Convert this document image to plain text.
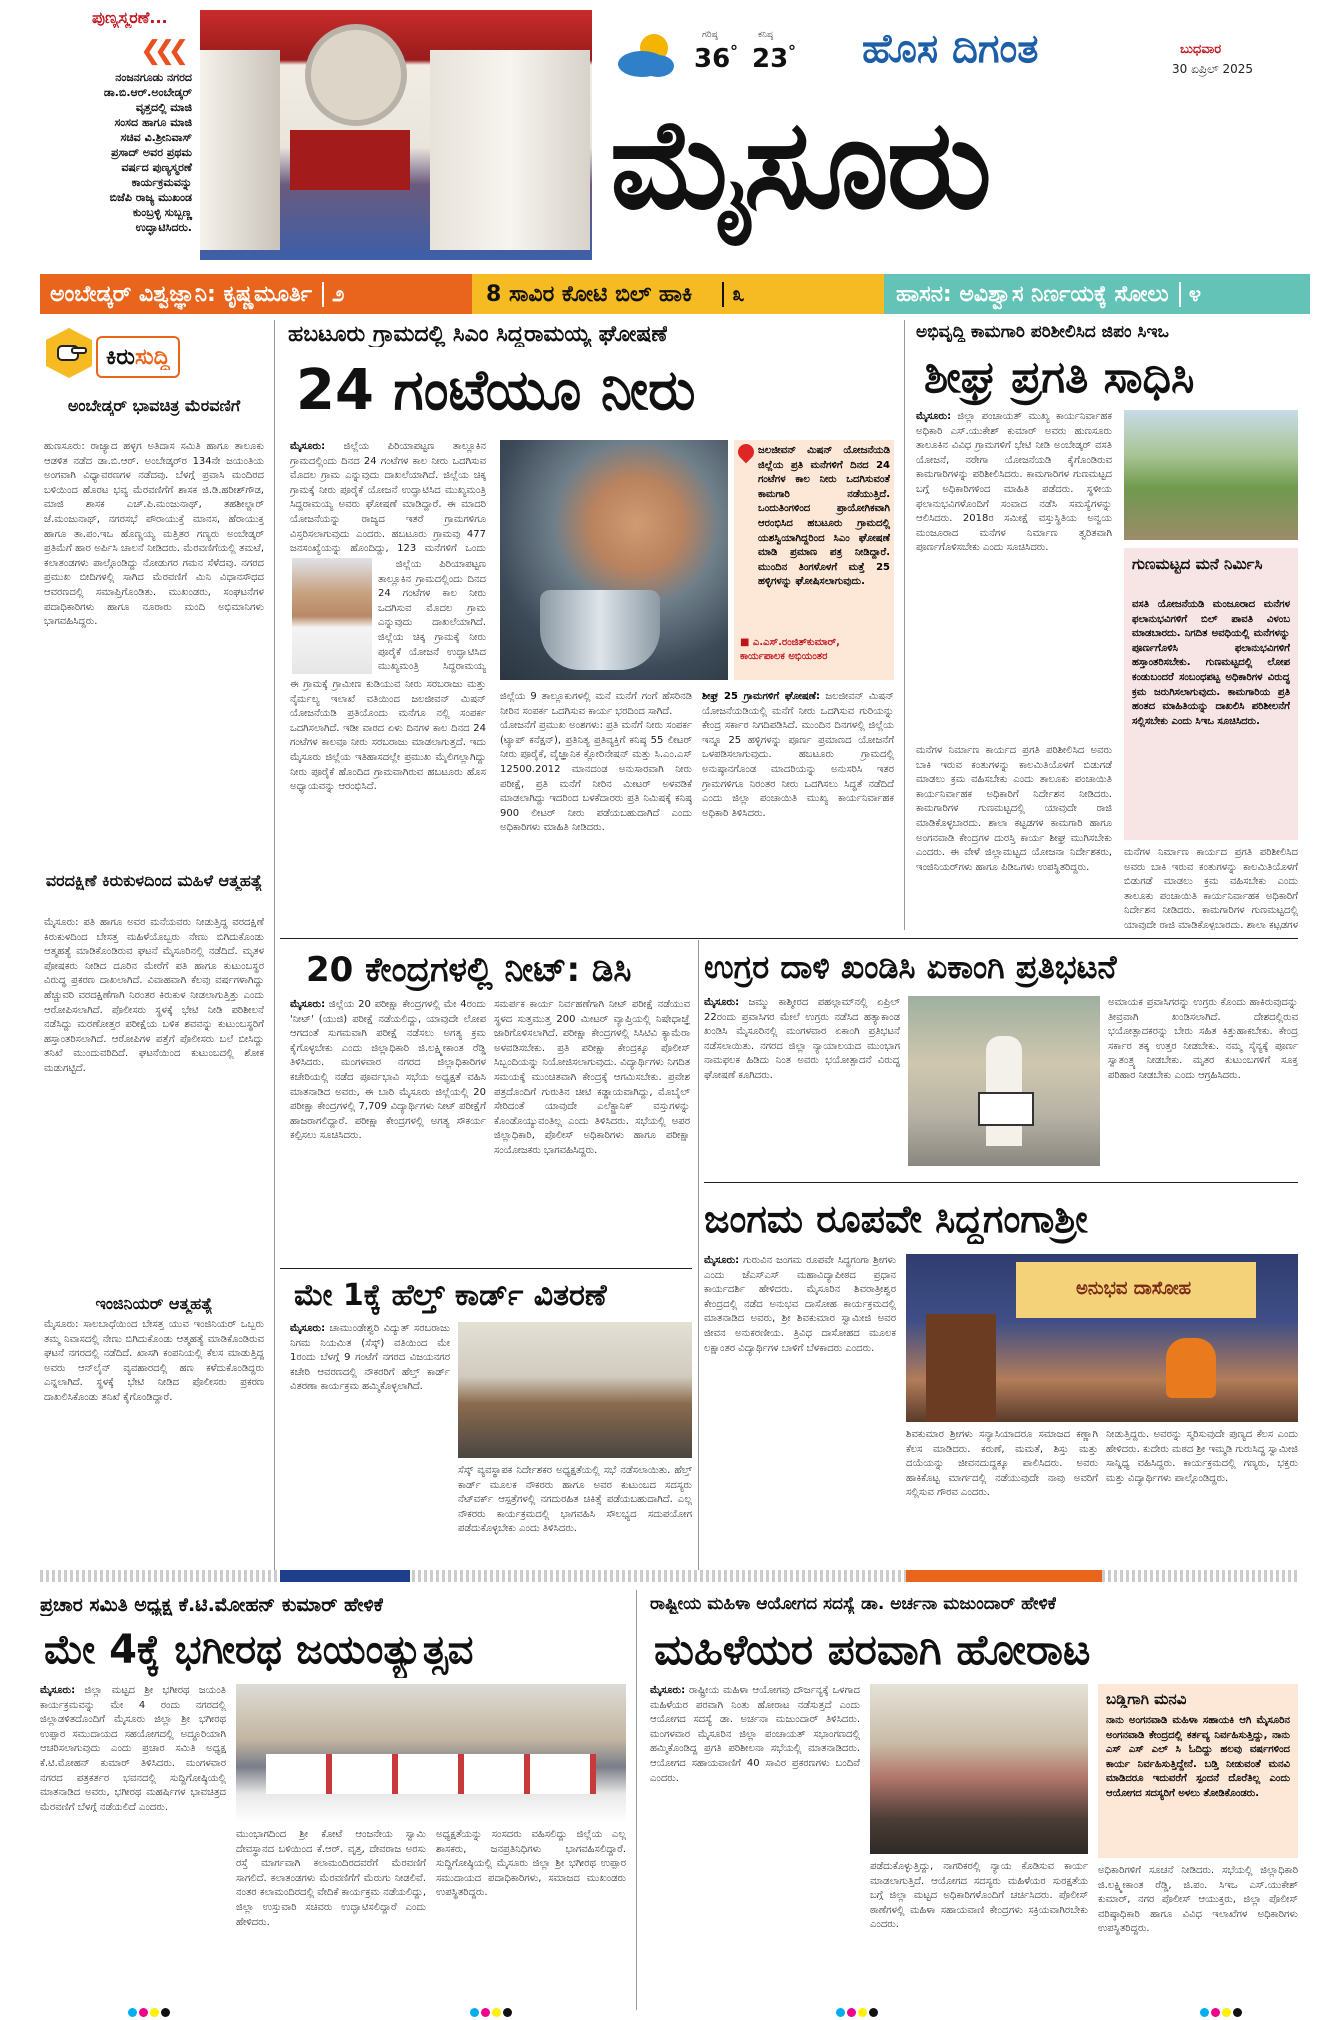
ಪುಣ್ಯಸ್ಮರಣೆ...
❮❮❮
ನಂಜನಗೂಡು ನಗರದ
ಡಾ.ಬಿ.ಆರ್.ಅಂಬೇಡ್ಕರ್
ವೃತ್ತದಲ್ಲಿ ಮಾಜಿ
ಸಂಸದ ಹಾಗೂ ಮಾಜಿ
ಸಚಿವ ವಿ.ಶ್ರೀನಿವಾಸ್
ಪ್ರಸಾದ್ ಅವರ ಪ್ರಥಮ
ವರ್ಷದ ಪುಣ್ಯಸ್ಮರಣೆ
ಕಾರ್ಯಕ್ರಮವನ್ನು
ಬಿಜೆಪಿ ರಾಜ್ಯ ಮುಖಂಡ
ಕುಂಬ್ರಳ್ಳಿ ಸುಬ್ಬಣ್ಣ
ಉದ್ಘಾಟಿಸಿದರು.
ಗರಿಷ್ಠ
36
ಕನಿಷ್ಠ
23
°	° ಹೊಸ ದಿಗಂತ	ಬುಧವಾರ
30 ಏಪ್ರಿಲ್ 2025
ಮೈಸೂರು
ಅಂಬೇಡ್ಕರ್ ವಿಶ್ವಜ್ಞಾನಿ: ಕೃಷ್ಣಮೂರ್ತಿ ೨	8 ಸಾವಿರ ಕೋಟಿ ಬಿಲ್ ಹಾಕಿ	೩	ಹಾಸನ: ಅವಿಶ್ವಾಸ ನಿರ್ಣಯಕ್ಕೆ ಸೋಲು ೪
ಕಿರು ಸುದ್ದಿ
ಅಂಬೇಡ್ಕರ್ ಭಾವಚಿತ್ರ ಮೆರವಣಿಗೆ
ಹುಣಸೂರು: ರಾಜ್ಯಾದ ಹಳ್ಳಗ ಅತಿದಾಸ ಸಮಿತಿ ಹಾಗೂ ತಾಲೂಕು ಆಡಳಿತ ನಡೆದ ಡಾ.ಬಿ.ಆರ್. ಅಂಬೇಡ್ಕರ್‌ರ 134ನೇ ಜಯಂತಿಯ ಅಂಗವಾಗಿ ವಿಧ್ಯಾವರಣಗಳ ನಡೆದವು. ಬೆಳಗ್ಗೆ ಪ್ರವಾಸಿ ಮಂದಿರದ ಬಳಿಯಿಂದ ಹೊರಟ ಭವ್ಯ ಮೆರವಣಿಗೆಗೆ ಶಾಸಕ ಜಿ.ಡಿ.ಹರೀಶ್‌ಗೌಡ, ಮಾಜಿ ಶಾಸಕ ಎಚ್.ಪಿ.ಮಂಜುನಾಥ್, ತಹಶೀಲ್ದಾರ್ ಜೆ.ಮಂಜುನಾಥ್, ನಗರಸಭೆ ಪೌರಾಯುಕ್ತೆ ಮಾನಸ, ಹೆರಾಯುಕ್ತ ಹಾಗೂ ತಾ.ಪಂ.ಇಒ ಹೊಣ್ಣಯ್ಯ ಮತ್ತಿತರ ಗಣ್ಯರು ಅಂಬೇಡ್ಕರ್ ಪ್ರತಿಮೆಗೆ ಹಾರ ಅರ್ಪಿಸಿ ಚಾಲನೆ ನೀಡಿದರು. ಮೆರವಣಿಗೆಯಲ್ಲಿ ತಮಟೆ, ಕಲಾತಂಡಗಳು ಪಾಲ್ಗೊಂಡಿದ್ದು ನೋಡುಗರ ಗಮನ ಸೆಳೆದವು. ನಗರದ ಪ್ರಮುಖ ಬೀದಿಗಳಲ್ಲಿ ಸಾಗಿದ ಮೆರವಣಿಗೆ ಮಿನಿ ವಿಧಾನಸೌಧದ ಆವರಣದಲ್ಲಿ ಸಮಾಪ್ತಿಗೊಂಡಿತು. ಮುಖಂಡರು, ಸಂಘಟನೆಗಳ ಪದಾಧಿಕಾರಿಗಳು ಹಾಗೂ ನೂರಾರು ಮಂದಿ ಅಭಿಮಾನಿಗಳು ಭಾಗವಹಿಸಿದ್ದರು.
ವರದಕ್ಷಿಣೆ ಕಿರುಕುಳದಿಂದ ಮಹಿಳೆ ಆತ್ಮಹತ್ಯೆ
ಮೈಸೂರು: ಪತಿ ಹಾಗೂ ಅವರ ಮನೆಯವರು ನೀಡುತ್ತಿದ್ದ ವರದಕ್ಷಿಣೆ ಕಿರುಕುಳದಿಂದ ಬೇಸತ್ತ ಮಹಿಳೆಯೊಬ್ಬರು ನೇಣು ಬಿಗಿದುಕೊಂಡು ಆತ್ಮಹತ್ಯೆ ಮಾಡಿಕೊಂಡಿರುವ ಘಟನೆ ಮೈಸೂರಿನಲ್ಲಿ ನಡೆದಿದೆ. ಮೃತಳ ಪೋಷಕರು ನೀಡಿದ ದೂರಿನ ಮೇರೆಗೆ ಪತಿ ಹಾಗೂ ಕುಟುಂಬಸ್ಥರ ವಿರುದ್ಧ ಪ್ರಕರಣ ದಾಖಲಾಗಿದೆ. ವಿವಾಹವಾಗಿ ಕೆಲವು ವರ್ಷಗಳಾಗಿದ್ದು ಹೆಚ್ಚುವರಿ ವರದಕ್ಷಿಣೆಗಾಗಿ ನಿರಂತರ ಕಿರುಕುಳ ನೀಡಲಾಗುತ್ತಿತ್ತು ಎಂದು ಆರೋಪಿಸಲಾಗಿದೆ. ಪೊಲೀಸರು ಸ್ಥಳಕ್ಕೆ ಭೇಟಿ ನೀಡಿ ಪರಿಶೀಲನೆ ನಡೆಸಿದ್ದು ಮರಣೋತ್ತರ ಪರೀಕ್ಷೆಯ ಬಳಿಕ ಶವವನ್ನು ಕುಟುಂಬಸ್ಥರಿಗೆ ಹಸ್ತಾಂತರಿಸಲಾಗಿದೆ. ಆರೋಪಿಗಳ ಪತ್ತೆಗೆ ಪೊಲೀಸರು ಬಲೆ ಬೀಸಿದ್ದು ತನಿಖೆ ಮುಂದುವರಿದಿದೆ. ಘಟನೆಯಿಂದ ಕುಟುಂಬದಲ್ಲಿ ಶೋಕ ಮಡುಗಟ್ಟಿದೆ.
ಇಂಜಿನಿಯರ್ ಆತ್ಮಹತ್ಯೆ
ಮೈಸೂರು: ಸಾಲಬಾಧೆಯಿಂದ ಬೇಸತ್ತ ಯುವ ಇಂಜಿನಿಯರ್ ಒಬ್ಬರು ತಮ್ಮ ನಿವಾಸದಲ್ಲಿ ನೇಣು ಬಿಗಿದುಕೊಂಡು ಆತ್ಮಹತ್ಯೆ ಮಾಡಿಕೊಂಡಿರುವ ಘಟನೆ ನಗರದಲ್ಲಿ ನಡೆದಿದೆ. ಖಾಸಗಿ ಕಂಪನಿಯಲ್ಲಿ ಕೆಲಸ ಮಾಡುತ್ತಿದ್ದ ಅವರು ಆನ್‌ಲೈನ್ ವ್ಯವಹಾರದಲ್ಲಿ ಹಣ ಕಳೆದುಕೊಂಡಿದ್ದರು ಎನ್ನಲಾಗಿದೆ. ಸ್ಥಳಕ್ಕೆ ಭೇಟಿ ನೀಡಿದ ಪೊಲೀಸರು ಪ್ರಕರಣ ದಾಖಲಿಸಿಕೊಂಡು ತನಿಖೆ ಕೈಗೊಂಡಿದ್ದಾರೆ.
ಹಬಟೂರು ಗ್ರಾಮದಲ್ಲಿ ಸಿಎಂ ಸಿದ್ದರಾಮಯ್ಯ ಘೋಷಣೆ
24 ಗಂಟೆಯೂ ನೀರು
ಮೈಸೂರು: ಜಿಲ್ಲೆಯ ಪಿರಿಯಾಪಟ್ಟಣ ತಾಲ್ಲೂಕಿನ ಗ್ರಾಮದಲ್ಲಿಂದು ದಿನದ 24 ಗಂಟೆಗಳ ಕಾಲ ನೀರು ಒದಗಿಸುವ ಮೊದಲ ಗ್ರಾಮ ಎನ್ನುವುದು ದಾಖಲೆಯಾಗಿದೆ. ಜಿಲ್ಲೆಯ ಚಿಕ್ಕ ಗ್ರಾಮಕ್ಕೆ ನೀರು ಪೂರೈಕೆ ಯೋಜನೆ ಉದ್ಘಾಟಿಸಿದ ಮುಖ್ಯಮಂತ್ರಿ ಸಿದ್ದರಾಮಯ್ಯ ಅವರು ಘೋಷಣೆ ಮಾಡಿದ್ದಾರೆ. ಈ ಮಾದರಿ ಯೋಜನೆಯನ್ನು ರಾಜ್ಯದ ಇತರೆ ಗ್ರಾಮಗಳಿಗೂ ವಿಸ್ತರಿಸಲಾಗುವುದು ಎಂದರು. ಹಬಟೂರು ಗ್ರಾಮವು 477 ಜನಸಂಖ್ಯೆಯನ್ನು ಹೊಂದಿದ್ದು, 123 ಮನೆಗಳಿಗೆ ಒಂದು
ಜಿಲ್ಲೆಯ ಪಿರಿಯಾಪಟ್ಟಣ ತಾಲ್ಲೂಕಿನ ಗ್ರಾಮದಲ್ಲಿಂದು ದಿನದ 24 ಗಂಟೆಗಳ ಕಾಲ ನೀರು ಒದಗಿಸುವ ಮೊದಲ ಗ್ರಾಮ ಎನ್ನುವುದು ದಾಖಲೆಯಾಗಿದೆ. ಜಿಲ್ಲೆಯ ಚಿಕ್ಕ ಗ್ರಾಮಕ್ಕೆ ನೀರು ಪೂರೈಕೆ ಯೋಜನೆ ಉದ್ಘಾಟಿಸಿದ ಮುಖ್ಯಮಂತ್ರಿ ಸಿದ್ದರಾಮಯ್ಯ
ಈ ಗ್ರಾಮಕ್ಕೆ ಗ್ರಾಮೀಣ ಕುಡಿಯುವ ನೀರು ಸರಬರಾಜು ಮತ್ತು ನೈರ್ಮಲ್ಯ ಇಲಾಖೆ ವತಿಯಿಂದ ಜಲಜೀವನ್ ಮಿಷನ್ ಯೋಜನೆಯಡಿ ಪ್ರತಿಯೊಂದು ಮನೆಗೂ ನಲ್ಲಿ ಸಂಪರ್ಕ ಒದಗಿಸಲಾಗಿದೆ. ಇಡೀ ವಾರದ ಏಳು ದಿನಗಳ ಕಾಲ ದಿನದ 24 ಗಂಟೆಗಳ ಕಾಲವೂ ನೀರು ಸರಬರಾಜು ಮಾಡಲಾಗುತ್ತದೆ. ಇದು ಮೈಸೂರು ಜಿಲ್ಲೆಯ ಇತಿಹಾಸದಲ್ಲೇ ಪ್ರಮುಖ ಮೈಲಿಗಲ್ಲಾಗಿದ್ದು ನೀರು ಪೂರೈಕೆ ಹೊಂದಿದ ಗ್ರಾಮವಾಗಿರುವ ಹಬಟೂರು ಹೊಸ ಅಧ್ಯಾಯವನ್ನು ಆರಂಭಿಸಿದೆ.
ಜಲಜೀವನ್ ಮಿಷನ್ ಯೋಜನೆಯಡಿ ಜಿಲ್ಲೆಯ ಪ್ರತಿ ಮನೆಗಳಿಗೆ ದಿನದ 24 ಗಂಟೆಗಳ ಕಾಲ ನೀರು ಒದಗಿಸುವಂತೆ ಕಾಮಗಾರಿ ನಡೆಯುತ್ತಿದೆ. ಒಂದುತಿಂಗಳಿಂದ ಪ್ರಾಯೋಗಿಕವಾಗಿ ಆರಂಭಿಸಿದ ಹಬಟೂರು ಗ್ರಾಮದಲ್ಲಿ ಯಶಸ್ವಿಯಾಗಿದ್ದರಿಂದ ಸಿಎಂ ಘೋಷಣೆ ಮಾಡಿ ಪ್ರಮಾಣ ಪತ್ರ ನೀಡಿದ್ದಾರೆ. ಮುಂದಿನ ತಿಂಗಳೊಳಗೆ ಮತ್ತೆ 25 ಹಳ್ಳಿಗಳನ್ನು ಘೋಷಿಸಲಾಗುವುದು.
■ ಎ.ಎಸ್.ರಂಜಿತ್‌ಕುಮಾರ್, ಕಾರ್ಯಪಾಲಕ ಅಭಿಯಂತರ
ಜಿಲ್ಲೆಯ 9 ತಾಲ್ಲೂಕುಗಳಲ್ಲಿ ಮನೆ ಮನೆಗೆ ಗಂಗೆ ಹೆಸರಿನಡಿ ನೀರಿನ ಸಂಪರ್ಕ ಒದಗಿಸುವ ಕಾರ್ಯ ಭರದಿಂದ ಸಾಗಿದೆ.
ಯೋಜನೆಗೆ ಪ್ರಮುಖ ಅಂಶಗಳು: ಪ್ರತಿ ಮನೆಗೆ ನೀರು ಸಂಪರ್ಕ (ಟ್ಯಾಪ್ ಕನೆಕ್ಷನ್), ಪ್ರತಿನಿತ್ಯ ಪ್ರತಿವ್ಯಕ್ತಿಗೆ ಕನಿಷ್ಠ 55 ಲೀಟರ್ ನೀರು ಪೂರೈಕೆ, ವೈಜ್ಞಾನಿಕ ಕ್ಲೋರಿನೇಷನ್ ಮತ್ತು ಸಿ.ಎಂ.ಎಸ್ 12500.2012 ಮಾನದಂಡ ಅನುಸಾರವಾಗಿ ನೀರು ಪರೀಕ್ಷೆ, ಪ್ರತಿ ಮನೆಗೆ ನೀರಿನ ಮೀಟರ್ ಅಳವಡಿಕೆ ಮಾಡಲಾಗಿದ್ದು ಇದರಿಂದ ಬಳಕೆದಾರರು ಪ್ರತಿ ನಿಮಿಷಕ್ಕೆ ಕನಿಷ್ಠ 900 ಲೀಟರ್ ನೀರು ಪಡೆಯಬಹುದಾಗಿದೆ ಎಂದು ಅಧಿಕಾರಿಗಳು ಮಾಹಿತಿ ನೀಡಿದರು.
ಶೀಘ್ರ 25 ಗ್ರಾಮಗಳಿಗೆ ಘೋಷಣೆ: ಜಲಜೀವನ್ ಮಿಷನ್ ಯೋಜನೆಯಡಿಯಲ್ಲಿ ಮನೆಗೆ ನೀರು ಒದಗಿಸುವ ಗುರಿಯನ್ನು ಕೇಂದ್ರ ಸರ್ಕಾರ ನಿಗದಿಪಡಿಸಿದೆ. ಮುಂದಿನ ದಿನಗಳಲ್ಲಿ ಜಿಲ್ಲೆಯ ಇನ್ನೂ 25 ಹಳ್ಳಿಗಳನ್ನು ಪೂರ್ಣ ಪ್ರಮಾಣದ ಯೋಜನೆಗೆ ಒಳಪಡಿಸಲಾಗುವುದು. ಹಬಟೂರು ಗ್ರಾಮದಲ್ಲಿ ಅನುಷ್ಠಾನಗೊಂಡ ಮಾದರಿಯನ್ನು ಅನುಸರಿಸಿ ಇತರ ಗ್ರಾಮಗಳಿಗೂ ನಿರಂತರ ನೀರು ಒದಗಿಸಲು ಸಿದ್ಧತೆ ನಡೆದಿದೆ ಎಂದು ಜಿಲ್ಲಾ ಪಂಚಾಯಿತಿ ಮುಖ್ಯ ಕಾರ್ಯನಿರ್ವಾಹಕ ಅಧಿಕಾರಿ ತಿಳಿಸಿದರು.
ಅಭಿವೃದ್ಧಿ ಕಾಮಗಾರಿ ಪರಿಶೀಲಿಸಿದ ಜಿಪಂ ಸಿಇಒ
ಶೀಘ್ರ ಪ್ರಗತಿ ಸಾಧಿಸಿ
ಮೈಸೂರು: ಜಿಲ್ಲಾ ಪಂಚಾಯತ್ ಮುಖ್ಯ ಕಾರ್ಯನಿರ್ವಾಹಕ ಅಧಿಕಾರಿ ಎಸ್.ಯುಕೇಶ್ ಕುಮಾರ್ ಅವರು ಹುಣಸೂರು ತಾಲೂಕಿನ ವಿವಿಧ ಗ್ರಾಮಗಳಿಗೆ ಭೇಟಿ ನೀಡಿ ಅಂಬೇಡ್ಕರ್ ವಸತಿ ಯೋಜನೆ, ನರೇಗಾ ಯೋಜನೆಯಡಿ ಕೈಗೊಂಡಿರುವ ಕಾಮಗಾರಿಗಳನ್ನು ಪರಿಶೀಲಿಸಿದರು. ಕಾಮಗಾರಿಗಳ ಗುಣಮಟ್ಟದ ಬಗ್ಗೆ ಅಧಿಕಾರಿಗಳಿಂದ ಮಾಹಿತಿ ಪಡೆದರು. ಸ್ಥಳೀಯ ಫಲಾನುಭವಿಗಳೊಂದಿಗೆ ಸಂವಾದ ನಡೆಸಿ ಸಮಸ್ಯೆಗಳನ್ನು ಆಲಿಸಿದರು. 2018ರ ಸಮೀಕ್ಷೆ ವಸ್ತುಸ್ಥಿತಿಯ ಅನ್ವಯ ಮಂಜೂರಾದ ಮನೆಗಳ ನಿರ್ಮಾಣ ತ್ವರಿತವಾಗಿ ಪೂರ್ಣಗೊಳಿಸಬೇಕು ಎಂದು ಸೂಚಿಸಿದರು.
ಗುಣಮಟ್ಟದ ಮನೆ ನಿರ್ಮಿಸಿ
ವಸತಿ ಯೋಜನೆಯಡಿ ಮಂಜೂರಾದ ಮನೆಗಳ ಫಲಾನುಭವಿಗಳಿಗೆ ಬಿಲ್ ಪಾವತಿ ವಿಳಂಬ ಮಾಡಬಾರದು. ನಿಗದಿತ ಅವಧಿಯಲ್ಲಿ ಮನೆಗಳನ್ನು ಪೂರ್ಣಗೊಳಿಸಿ ಫಲಾನುಭವಿಗಳಿಗೆ ಹಸ್ತಾಂತರಿಸಬೇಕು. ಗುಣಮಟ್ಟದಲ್ಲಿ ಲೋಪ ಕಂಡುಬಂದರೆ ಸಂಬಂಧಪಟ್ಟ ಅಧಿಕಾರಿಗಳ ವಿರುದ್ಧ ಕ್ರಮ ಜರುಗಿಸಲಾಗುವುದು. ಕಾಮಗಾರಿಯ ಪ್ರತಿ ಹಂತದ ಮಾಹಿತಿಯನ್ನು ದಾಖಲಿಸಿ ಪರಿಶೀಲನೆಗೆ ಸಲ್ಲಿಸಬೇಕು ಎಂದು ಸಿಇಒ ಸೂಚಿಸಿದರು.
ಮನೆಗಳ ನಿರ್ಮಾಣ ಕಾರ್ಯದ ಪ್ರಗತಿ ಪರಿಶೀಲಿಸಿದ ಅವರು ಬಾಕಿ ಇರುವ ಕಂತುಗಳನ್ನು ಕಾಲಮಿತಿಯೊಳಗೆ ಬಿಡುಗಡೆ ಮಾಡಲು ಕ್ರಮ ವಹಿಸಬೇಕು ಎಂದು ತಾಲೂಕು ಪಂಚಾಯಿತಿ ಕಾರ್ಯನಿರ್ವಾಹಕ ಅಧಿಕಾರಿಗೆ ನಿರ್ದೇಶನ ನೀಡಿದರು. ಕಾಮಗಾರಿಗಳ ಗುಣಮಟ್ಟದಲ್ಲಿ ಯಾವುದೇ ರಾಜಿ ಮಾಡಿಕೊಳ್ಳಬಾರದು. ಶಾಲಾ ಕಟ್ಟಡಗಳ ಕಾಮಗಾರಿ ಹಾಗೂ ಅಂಗನವಾಡಿ ಕೇಂದ್ರಗಳ ದುರಸ್ತಿ ಕಾರ್ಯ ಶೀಘ್ರ ಮುಗಿಸಬೇಕು ಎಂದರು. ಈ ವೇಳೆ ಜಿಲ್ಲಾಮಟ್ಟದ ಯೋಜನಾ ನಿರ್ದೇಶಕರು, ಇಂಜಿನಿಯರ್‌ಗಳು ಹಾಗೂ ಪಿಡಿಒಗಳು ಉಪಸ್ಥಿತರಿದ್ದರು.
ಮನೆಗಳ ನಿರ್ಮಾಣ ಕಾರ್ಯದ ಪ್ರಗತಿ ಪರಿಶೀಲಿಸಿದ ಅವರು ಬಾಕಿ ಇರುವ ಕಂತುಗಳನ್ನು ಕಾಲಮಿತಿಯೊಳಗೆ ಬಿಡುಗಡೆ ಮಾಡಲು ಕ್ರಮ ವಹಿಸಬೇಕು ಎಂದು ತಾಲೂಕು ಪಂಚಾಯಿತಿ ಕಾರ್ಯನಿರ್ವಾಹಕ ಅಧಿಕಾರಿಗೆ ನಿರ್ದೇಶನ ನೀಡಿದರು. ಕಾಮಗಾರಿಗಳ ಗುಣಮಟ್ಟದಲ್ಲಿ ಯಾವುದೇ ರಾಜಿ ಮಾಡಿಕೊಳ್ಳಬಾರದು. ಶಾಲಾ ಕಟ್ಟಡಗಳ
20 ಕೇಂದ್ರಗಳಲ್ಲಿ ನೀಟ್: ಡಿಸಿ
ಮೈಸೂರು: ಜಿಲ್ಲೆಯ 20 ಪರೀಕ್ಷಾ ಕೇಂದ್ರಗಳಲ್ಲಿ ಮೇ 4ರಂದು 'ನೀಟ್' (ಯುಜಿ) ಪರೀಕ್ಷೆ ನಡೆಯಲಿದ್ದು, ಯಾವುದೇ ಲೋಪ ಆಗದಂತೆ ಸುಗಮವಾಗಿ ಪರೀಕ್ಷೆ ನಡೆಸಲು ಅಗತ್ಯ ಕ್ರಮ ಕೈಗೊಳ್ಳಬೇಕು ಎಂದು ಜಿಲ್ಲಾಧಿಕಾರಿ ಜಿ.ಲಕ್ಷ್ಮೀಕಾಂತ ರೆಡ್ಡಿ ತಿಳಿಸಿದರು. ಮಂಗಳವಾರ ನಗರದ ಜಿಲ್ಲಾಧಿಕಾರಿಗಳ ಕಚೇರಿಯಲ್ಲಿ ನಡೆದ ಪೂರ್ವಭಾವಿ ಸಭೆಯ ಅಧ್ಯಕ್ಷತೆ ವಹಿಸಿ ಮಾತನಾಡಿದ ಅವರು, ಈ ಬಾರಿ ಮೈಸೂರು ಜಿಲ್ಲೆಯಲ್ಲಿ 20 ಪರೀಕ್ಷಾ ಕೇಂದ್ರಗಳಲ್ಲಿ 7,709 ವಿದ್ಯಾರ್ಥಿಗಳು ನೀಟ್ ಪರೀಕ್ಷೆಗೆ ಹಾಜರಾಗಲಿದ್ದಾರೆ. ಪರೀಕ್ಷಾ ಕೇಂದ್ರಗಳಲ್ಲಿ ಅಗತ್ಯ ಸೌಕರ್ಯ ಕಲ್ಪಿಸಲು ಸೂಚಿಸಿದರು.
ಸಮರ್ಪಕ ಕಾರ್ಯ ನಿರ್ವಹಣೆಗಾಗಿ ನೀಟ್ ಪರೀಕ್ಷೆ ನಡೆಯುವ ಸ್ಥಳದ ಸುತ್ತಮುತ್ತ 200 ಮೀಟರ್ ವ್ಯಾಪ್ತಿಯಲ್ಲಿ ನಿಷೇಧಾಜ್ಞೆ ಜಾರಿಗೊಳಿಸಲಾಗಿದೆ. ಪರೀಕ್ಷಾ ಕೇಂದ್ರಗಳಲ್ಲಿ ಸಿಸಿಟಿವಿ ಕ್ಯಾಮೆರಾ ಅಳವಡಿಸಬೇಕು. ಪ್ರತಿ ಪರೀಕ್ಷಾ ಕೇಂದ್ರಕ್ಕೂ ಪೊಲೀಸ್ ಸಿಬ್ಬಂದಿಯನ್ನು ನಿಯೋಜಿಸಲಾಗುವುದು. ವಿದ್ಯಾರ್ಥಿಗಳು ನಿಗದಿತ ಸಮಯಕ್ಕೆ ಮುಂಚಿತವಾಗಿ ಕೇಂದ್ರಕ್ಕೆ ಆಗಮಿಸಬೇಕು. ಪ್ರವೇಶ ಪತ್ರದೊಂದಿಗೆ ಗುರುತಿನ ಚೀಟಿ ಕಡ್ಡಾಯವಾಗಿದ್ದು, ಮೊಬೈಲ್ ಸೇರಿದಂತೆ ಯಾವುದೇ ಎಲೆಕ್ಟ್ರಾನಿಕ್ ವಸ್ತುಗಳನ್ನು ಕೊಂಡೊಯ್ಯುವಂತಿಲ್ಲ ಎಂದು ತಿಳಿಸಿದರು. ಸಭೆಯಲ್ಲಿ ಅಪರ ಜಿಲ್ಲಾಧಿಕಾರಿ, ಪೊಲೀಸ್ ಅಧಿಕಾರಿಗಳು ಹಾಗೂ ಪರೀಕ್ಷಾ ಸಂಯೋಜಕರು ಭಾಗವಹಿಸಿದ್ದರು.
ಉಗ್ರರ ದಾಳಿ ಖಂಡಿಸಿ ಏಕಾಂಗಿ ಪ್ರತಿಭಟನೆ
ಮೈಸೂರು: ಜಮ್ಮು ಕಾಶ್ಮೀರದ ಪಹಲ್ಗಾಮ್‌ನಲ್ಲಿ ಏಪ್ರಿಲ್ 22ರಂದು ಪ್ರವಾಸಿಗರ ಮೇಲೆ ಉಗ್ರರು ನಡೆಸಿದ ಹತ್ಯಾಕಾಂಡ ಖಂಡಿಸಿ ಮೈಸೂರಿನಲ್ಲಿ ಮಂಗಳವಾರ ಏಕಾಂಗಿ ಪ್ರತಿಭಟನೆ ನಡೆಸಲಾಯಿತು. ನಗರದ ಜಿಲ್ಲಾ ನ್ಯಾಯಾಲಯದ ಮುಂಭಾಗ ನಾಮಫಲಕ ಹಿಡಿದು ನಿಂತ ಅವರು ಭಯೋತ್ಪಾದನೆ ವಿರುದ್ಧ ಘೋಷಣೆ ಕೂಗಿದರು.
ಅಮಾಯಕ ಪ್ರವಾಸಿಗರನ್ನು ಉಗ್ರರು ಕೊಂದು ಹಾಕಿರುವುದನ್ನು ತೀವ್ರವಾಗಿ ಖಂಡಿಸಲಾಗಿದೆ. ದೇಶದಲ್ಲಿರುವ ಭಯೋತ್ಪಾದಕರನ್ನು ಬೇರು ಸಹಿತ ಕಿತ್ತುಹಾಕಬೇಕು. ಕೇಂದ್ರ ಸರ್ಕಾರ ತಕ್ಕ ಉತ್ತರ ನೀಡಬೇಕು. ನಮ್ಮ ಸೈನ್ಯಕ್ಕೆ ಪೂರ್ಣ ಸ್ವಾತಂತ್ರ್ಯ ನೀಡಬೇಕು. ಮೃತರ ಕುಟುಂಬಗಳಿಗೆ ಸೂಕ್ತ ಪರಿಹಾರ ನೀಡಬೇಕು ಎಂದು ಆಗ್ರಹಿಸಿದರು.
ಜಂಗಮ ರೂಪವೇ ಸಿದ್ಧಗಂಗಾಶ್ರೀ
ಮೈಸೂರು: ಗುರುವಿನ ಜಂಗಮ ರೂಪವೇ ಸಿದ್ಧಗಂಗಾ ಶ್ರೀಗಳು ಎಂದು ಜೆಎಸ್ಎಸ್ ಮಹಾವಿದ್ಯಾಪೀಠದ ಪ್ರಧಾನ ಕಾರ್ಯದರ್ಶಿ ಹೇಳಿದರು. ಮೈಸೂರಿನ ಶಿವರಾತ್ರೀಶ್ವರ ಕೇಂದ್ರದಲ್ಲಿ ನಡೆದ ಅನುಭವ ದಾಸೋಹ ಕಾರ್ಯಕ್ರಮದಲ್ಲಿ ಮಾತನಾಡಿದ ಅವರು, ಶ್ರೀ ಶಿವಕುಮಾರ ಸ್ವಾಮೀಜಿ ಅವರ ಜೀವನ ಅನುಕರಣೀಯ. ತ್ರಿವಿಧ ದಾಸೋಹದ ಮೂಲಕ ಲಕ್ಷಾಂತರ ವಿದ್ಯಾರ್ಥಿಗಳ ಬಾಳಿಗೆ ಬೆಳಕಾದರು ಎಂದರು.
ಅನುಭವ ದಾಸೋಹ
ಶಿವಕುಮಾರ ಶ್ರೀಗಳು ಸನ್ಯಾಸಿಯಾದರೂ ಸಮಾಜದ ಕಣ್ಣಾಗಿ ಕೆಲಸ ಮಾಡಿದರು. ಕರುಣೆ, ಮಮತೆ, ಶಿಸ್ತು ಮತ್ತು ದಯೆಯನ್ನು ಜೀವನದುದ್ದಕ್ಕೂ ಪಾಲಿಸಿದರು. ಅವರು ಹಾಕಿಕೊಟ್ಟ ಮಾರ್ಗದಲ್ಲಿ ನಡೆಯುವುದೇ ನಾವು ಅವರಿಗೆ ಸಲ್ಲಿಸುವ ಗೌರವ ಎಂದರು.
ನೀಡುತ್ತಿದ್ದರು. ಅವರನ್ನು ಸ್ಮರಿಸುವುದೇ ಪುಣ್ಯದ ಕೆಲಸ ಎಂದು ಹೇಳಿದರು. ಕುದೇರು ಮಠದ ಶ್ರೀ ಇಮ್ಮಡಿ ಗುರುಸಿದ್ಧ ಸ್ವಾಮೀಜಿ ಸಾನ್ನಿಧ್ಯ ವಹಿಸಿದ್ದರು. ಕಾರ್ಯಕ್ರಮದಲ್ಲಿ ಗಣ್ಯರು, ಭಕ್ತರು ಮತ್ತು ವಿದ್ಯಾರ್ಥಿಗಳು ಪಾಲ್ಗೊಂಡಿದ್ದರು.
ಮೇ 1ಕ್ಕೆ ಹೆಲ್ತ್ ಕಾರ್ಡ್ ವಿತರಣೆ
ಮೈಸೂರು: ಚಾಮುಂಡೇಶ್ವರಿ ವಿದ್ಯುತ್ ಸರಬರಾಜು ನಿಗಮ ನಿಯಮಿತ (ಸೆಸ್ಕ್) ವತಿಯಿಂದ ಮೇ 1ರಂದು ಬೆಳಗ್ಗೆ 9 ಗಂಟೆಗೆ ನಗರದ ವಿಜಯನಗರ ಕಚೇರಿ ಆವರಣದಲ್ಲಿ ನೌಕರರಿಗೆ ಹೆಲ್ತ್ ಕಾರ್ಡ್ ವಿತರಣಾ ಕಾರ್ಯಕ್ರಮ ಹಮ್ಮಿಕೊಳ್ಳಲಾಗಿದೆ.
ಸೆಸ್ಕ್ ವ್ಯವಸ್ಥಾಪಕ ನಿರ್ದೇಶಕರ ಅಧ್ಯಕ್ಷತೆಯಲ್ಲಿ ಸಭೆ ನಡೆಸಲಾಯಿತು. ಹೆಲ್ತ್ ಕಾರ್ಡ್ ಮೂಲಕ ನೌಕರರು ಹಾಗೂ ಅವರ ಕುಟುಂಬದ ಸದಸ್ಯರು ನೆಟ್‌ವರ್ಕ್ ಆಸ್ಪತ್ರೆಗಳಲ್ಲಿ ನಗದುರಹಿತ ಚಿಕಿತ್ಸೆ ಪಡೆಯಬಹುದಾಗಿದೆ. ಎಲ್ಲ ನೌಕರರು ಕಾರ್ಯಕ್ರಮದಲ್ಲಿ ಭಾಗವಹಿಸಿ ಸೌಲಭ್ಯದ ಸದುಪಯೋಗ ಪಡೆದುಕೊಳ್ಳಬೇಕು ಎಂದು ತಿಳಿಸಿದರು.
ಪ್ರಚಾರ ಸಮಿತಿ ಅಧ್ಯಕ್ಷ ಕೆ.ಟಿ.ಮೋಹನ್ ಕುಮಾರ್ ಹೇಳಿಕೆ
ಮೇ 4ಕ್ಕೆ ಭಗೀರಥ ಜಯಂತ್ಯುತ್ಸವ
ಮೈಸೂರು: ಜಿಲ್ಲಾ ಮಟ್ಟದ ಶ್ರೀ ಭಗೀರಥ ಜಯಂತಿ ಕಾರ್ಯಕ್ರಮವನ್ನು ಮೇ 4 ರಂದು ನಗರದಲ್ಲಿ ಜಿಲ್ಲಾಡಳಿತದೊಂದಿಗೆ ಮೈಸೂರು ಜಿಲ್ಲಾ ಶ್ರೀ ಭಗೀರಥ ಉಪ್ಪಾರ ಸಮುದಾಯದ ಸಹಯೋಗದಲ್ಲಿ ಅದ್ದೂರಿಯಾಗಿ ಆಚರಿಸಲಾಗುವುದು ಎಂದು ಪ್ರಚಾರ ಸಮಿತಿ ಅಧ್ಯಕ್ಷ ಕೆ.ಟಿ.ಮೋಹನ್ ಕುಮಾರ್ ತಿಳಿಸಿದರು. ಮಂಗಳವಾರ ನಗರದ ಪತ್ರಕರ್ತರ ಭವನದಲ್ಲಿ ಸುದ್ದಿಗೋಷ್ಠಿಯಲ್ಲಿ ಮಾತನಾಡಿದ ಅವರು, ಭಗೀರಥ ಮಹರ್ಷಿಗಳ ಭಾವಚಿತ್ರದ ಮೆರವಣಿಗೆ ಬೆಳಗ್ಗೆ ನಡೆಯಲಿದೆ ಎಂದರು.
ಮುಂಭಾಗದಿಂದ ಶ್ರೀ ಕೋಟೆ ಆಂಜನೇಯ ಸ್ವಾಮಿ ದೇವಸ್ಥಾನದ ಬಳಿಯಿಂದ ಕೆ.ಆರ್. ವೃತ್ತ, ದೇವರಾಜ ಅರಸು ರಸ್ತೆ ಮಾರ್ಗವಾಗಿ ಕಲಾಮಂದಿರದವರೆಗೆ ಮೆರವಣಿಗೆ ಸಾಗಲಿದೆ. ಕಲಾತಂಡಗಳು ಮೆರವಣಿಗೆಗೆ ಮೆರುಗು ನೀಡಲಿವೆ. ನಂತರ ಕಲಾಮಂದಿರದಲ್ಲಿ ವೇದಿಕೆ ಕಾರ್ಯಕ್ರಮ ನಡೆಯಲಿದ್ದು, ಜಿಲ್ಲಾ ಉಸ್ತುವಾರಿ ಸಚಿವರು ಉದ್ಘಾಟಿಸಲಿದ್ದಾರೆ ಎಂದು ಹೇಳಿದರು.
ಅಧ್ಯಕ್ಷತೆಯನ್ನು ಸಂಸದರು ವಹಿಸಲಿದ್ದು ಜಿಲ್ಲೆಯ ಎಲ್ಲ ಶಾಸಕರು, ಜನಪ್ರತಿನಿಧಿಗಳು ಭಾಗವಹಿಸಲಿದ್ದಾರೆ. ಸುದ್ದಿಗೋಷ್ಠಿಯಲ್ಲಿ ಮೈಸೂರು ಜಿಲ್ಲಾ ಶ್ರೀ ಭಗೀರಥ ಉಪ್ಪಾರ ಸಮುದಾಯದ ಪದಾಧಿಕಾರಿಗಳು, ಸಮಾಜದ ಮುಖಂಡರು ಉಪಸ್ಥಿತರಿದ್ದರು.
ರಾಷ್ಟ್ರೀಯ ಮಹಿಳಾ ಆಯೋಗದ ಸದಸ್ಯೆ ಡಾ. ಅರ್ಚನಾ ಮಜುಂದಾರ್ ಹೇಳಿಕೆ
ಮಹಿಳೆಯರ ಪರವಾಗಿ ಹೋರಾಟ
ಮೈಸೂರು: ರಾಷ್ಟ್ರೀಯ ಮಹಿಳಾ ಆಯೋಗವು ದೌರ್ಜನ್ಯಕ್ಕೆ ಒಳಗಾದ ಮಹಿಳೆಯರ ಪರವಾಗಿ ನಿಂತು ಹೋರಾಟ ನಡೆಸುತ್ತದೆ ಎಂದು ಆಯೋಗದ ಸದಸ್ಯೆ ಡಾ. ಅರ್ಚನಾ ಮಜುಂದಾರ್ ತಿಳಿಸಿದರು. ಮಂಗಳವಾರ ಮೈಸೂರಿನ ಜಿಲ್ಲಾ ಪಂಚಾಯತ್ ಸಭಾಂಗಣದಲ್ಲಿ ಹಮ್ಮಿಕೊಂಡಿದ್ದ ಪ್ರಗತಿ ಪರಿಶೀಲನಾ ಸಭೆಯಲ್ಲಿ ಮಾತನಾಡಿದರು. ಆಯೋಗದ ಸಹಾಯವಾಣಿಗೆ 40 ಸಾವಿರ ಪ್ರಕರಣಗಳು ಬಂದಿವೆ ಎಂದರು.
ಪಡೆದುಕೊಳ್ಳುತ್ತಿದ್ದು, ನಾಗರಿಕರಲ್ಲಿ ನ್ಯಾಯ ಕೊಡಿಸುವ ಕಾರ್ಯ ಮಾಡಲಾಗುತ್ತಿದೆ. ಆಯೋಗದ ಸದಸ್ಯರು ಮಹಿಳೆಯರ ಸುರಕ್ಷತೆಯ ಬಗ್ಗೆ ಜಿಲ್ಲಾ ಮಟ್ಟದ ಅಧಿಕಾರಿಗಳೊಂದಿಗೆ ಚರ್ಚಿಸಿದರು. ಪೊಲೀಸ್ ಠಾಣೆಗಳಲ್ಲಿ ಮಹಿಳಾ ಸಹಾಯವಾಣಿ ಕೇಂದ್ರಗಳು ಸಕ್ರಿಯವಾಗಿರಬೇಕು ಎಂದರು.
ಬಡ್ಡಿಗಾಗಿ ಮನವಿ
ನಾನು ಅಂಗನವಾಡಿ ಮಹಿಳಾ ಸಹಾಯಕಿ ಆಗಿ ಮೈಸೂರಿನ ಅಂಗನವಾಡಿ ಕೇಂದ್ರದಲ್ಲಿ ಕರ್ತವ್ಯ ನಿರ್ವಹಿಸುತ್ತಿದ್ದು, ನಾನು ಎಸ್ ಎಸ್ ಎಲ್ ಸಿ ಓದಿದ್ದು ಹಲವು ವರ್ಷಗಳಿಂದ ಕಾರ್ಯ ನಿರ್ವಹಿಸುತ್ತಿದ್ದೇನೆ. ಬಡ್ತಿ ನೀಡುವಂತೆ ಮನವಿ ಮಾಡಿದರೂ ಇದುವರೆಗೆ ಸ್ಪಂದನೆ ದೊರೆತಿಲ್ಲ ಎಂದು ಆಯೋಗದ ಸದಸ್ಯರಿಗೆ ಅಳಲು ತೋಡಿಕೊಂಡರು.
ಅಧಿಕಾರಿಗಳಿಗೆ ಸೂಚನೆ ನೀಡಿದರು. ಸಭೆಯಲ್ಲಿ ಜಿಲ್ಲಾಧಿಕಾರಿ ಜಿ.ಲಕ್ಷ್ಮೀಕಾಂತ ರೆಡ್ಡಿ, ಜಿ.ಪಂ. ಸಿಇಒ ಎಸ್.ಯುಕೇಶ್ ಕುಮಾರ್, ನಗರ ಪೊಲೀಸ್ ಆಯುಕ್ತರು, ಜಿಲ್ಲಾ ಪೊಲೀಸ್ ವರಿಷ್ಠಾಧಿಕಾರಿ ಹಾಗೂ ವಿವಿಧ ಇಲಾಖೆಗಳ ಅಧಿಕಾರಿಗಳು ಉಪಸ್ಥಿತರಿದ್ದರು.
